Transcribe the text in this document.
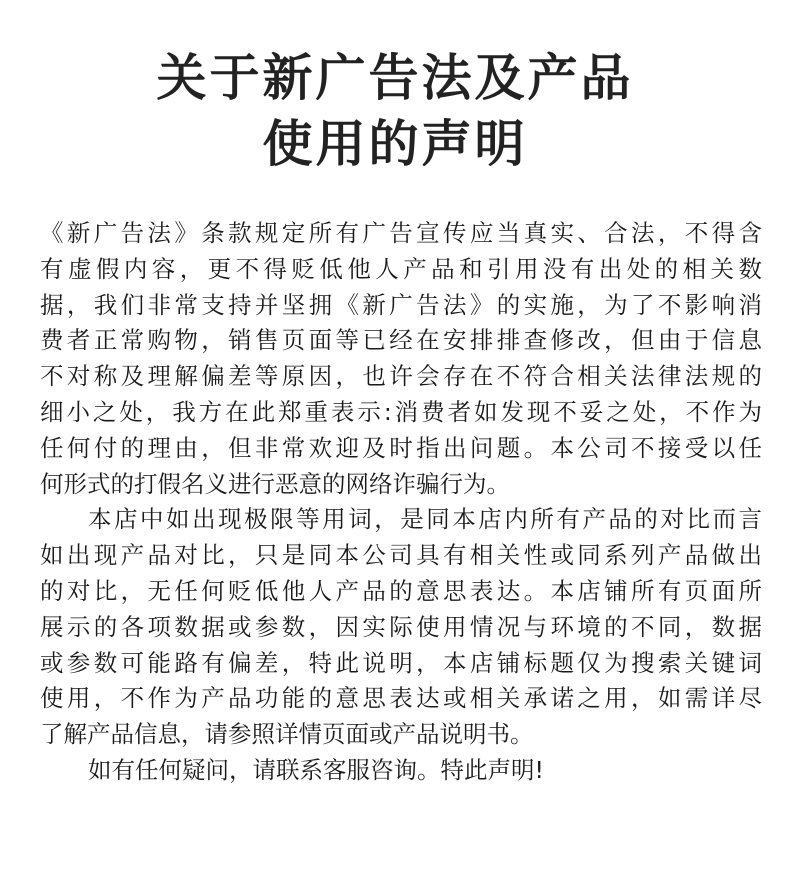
关于新广告法及产品
使用的声明
《新广告法》条款规定所有广告宣传应当真实、合法，不得含
有虚假内容，更不得贬低他人产品和引用没有出处的相关数
据，我们非常支持并坚拥《新广告法》的实施，为了不影响消
费者正常购物，销售页面等已经在安排排查修改，但由于信息
不对称及理解偏差等原因，也许会存在不符合相关法律法规的
细小之处，我方在此郑重表示:消费者如发现不妥之处，不作为
任何付的理由，但非常欢迎及时指出问题。本公司不接受以任
何形式的打假名义进行恶意的网络诈骗行为。
本店中如出现极限等用词，是同本店内所有产品的对比而言
如出现产品对比，只是同本公司具有相关性或同系列产品做出
的对比，无任何贬低他人产品的意思表达。本店铺所有页面所
展示的各项数据或参数，因实际使用情况与环境的不同，数据
或参数可能路有偏差，特此说明，本店铺标题仅为搜索关键词
使用，不作为产品功能的意思表达或相关承诺之用，如需详尽
了解产品信息，请参照详情页面或产品说明书。
如有任何疑问，请联系客服咨询。特此声明!
